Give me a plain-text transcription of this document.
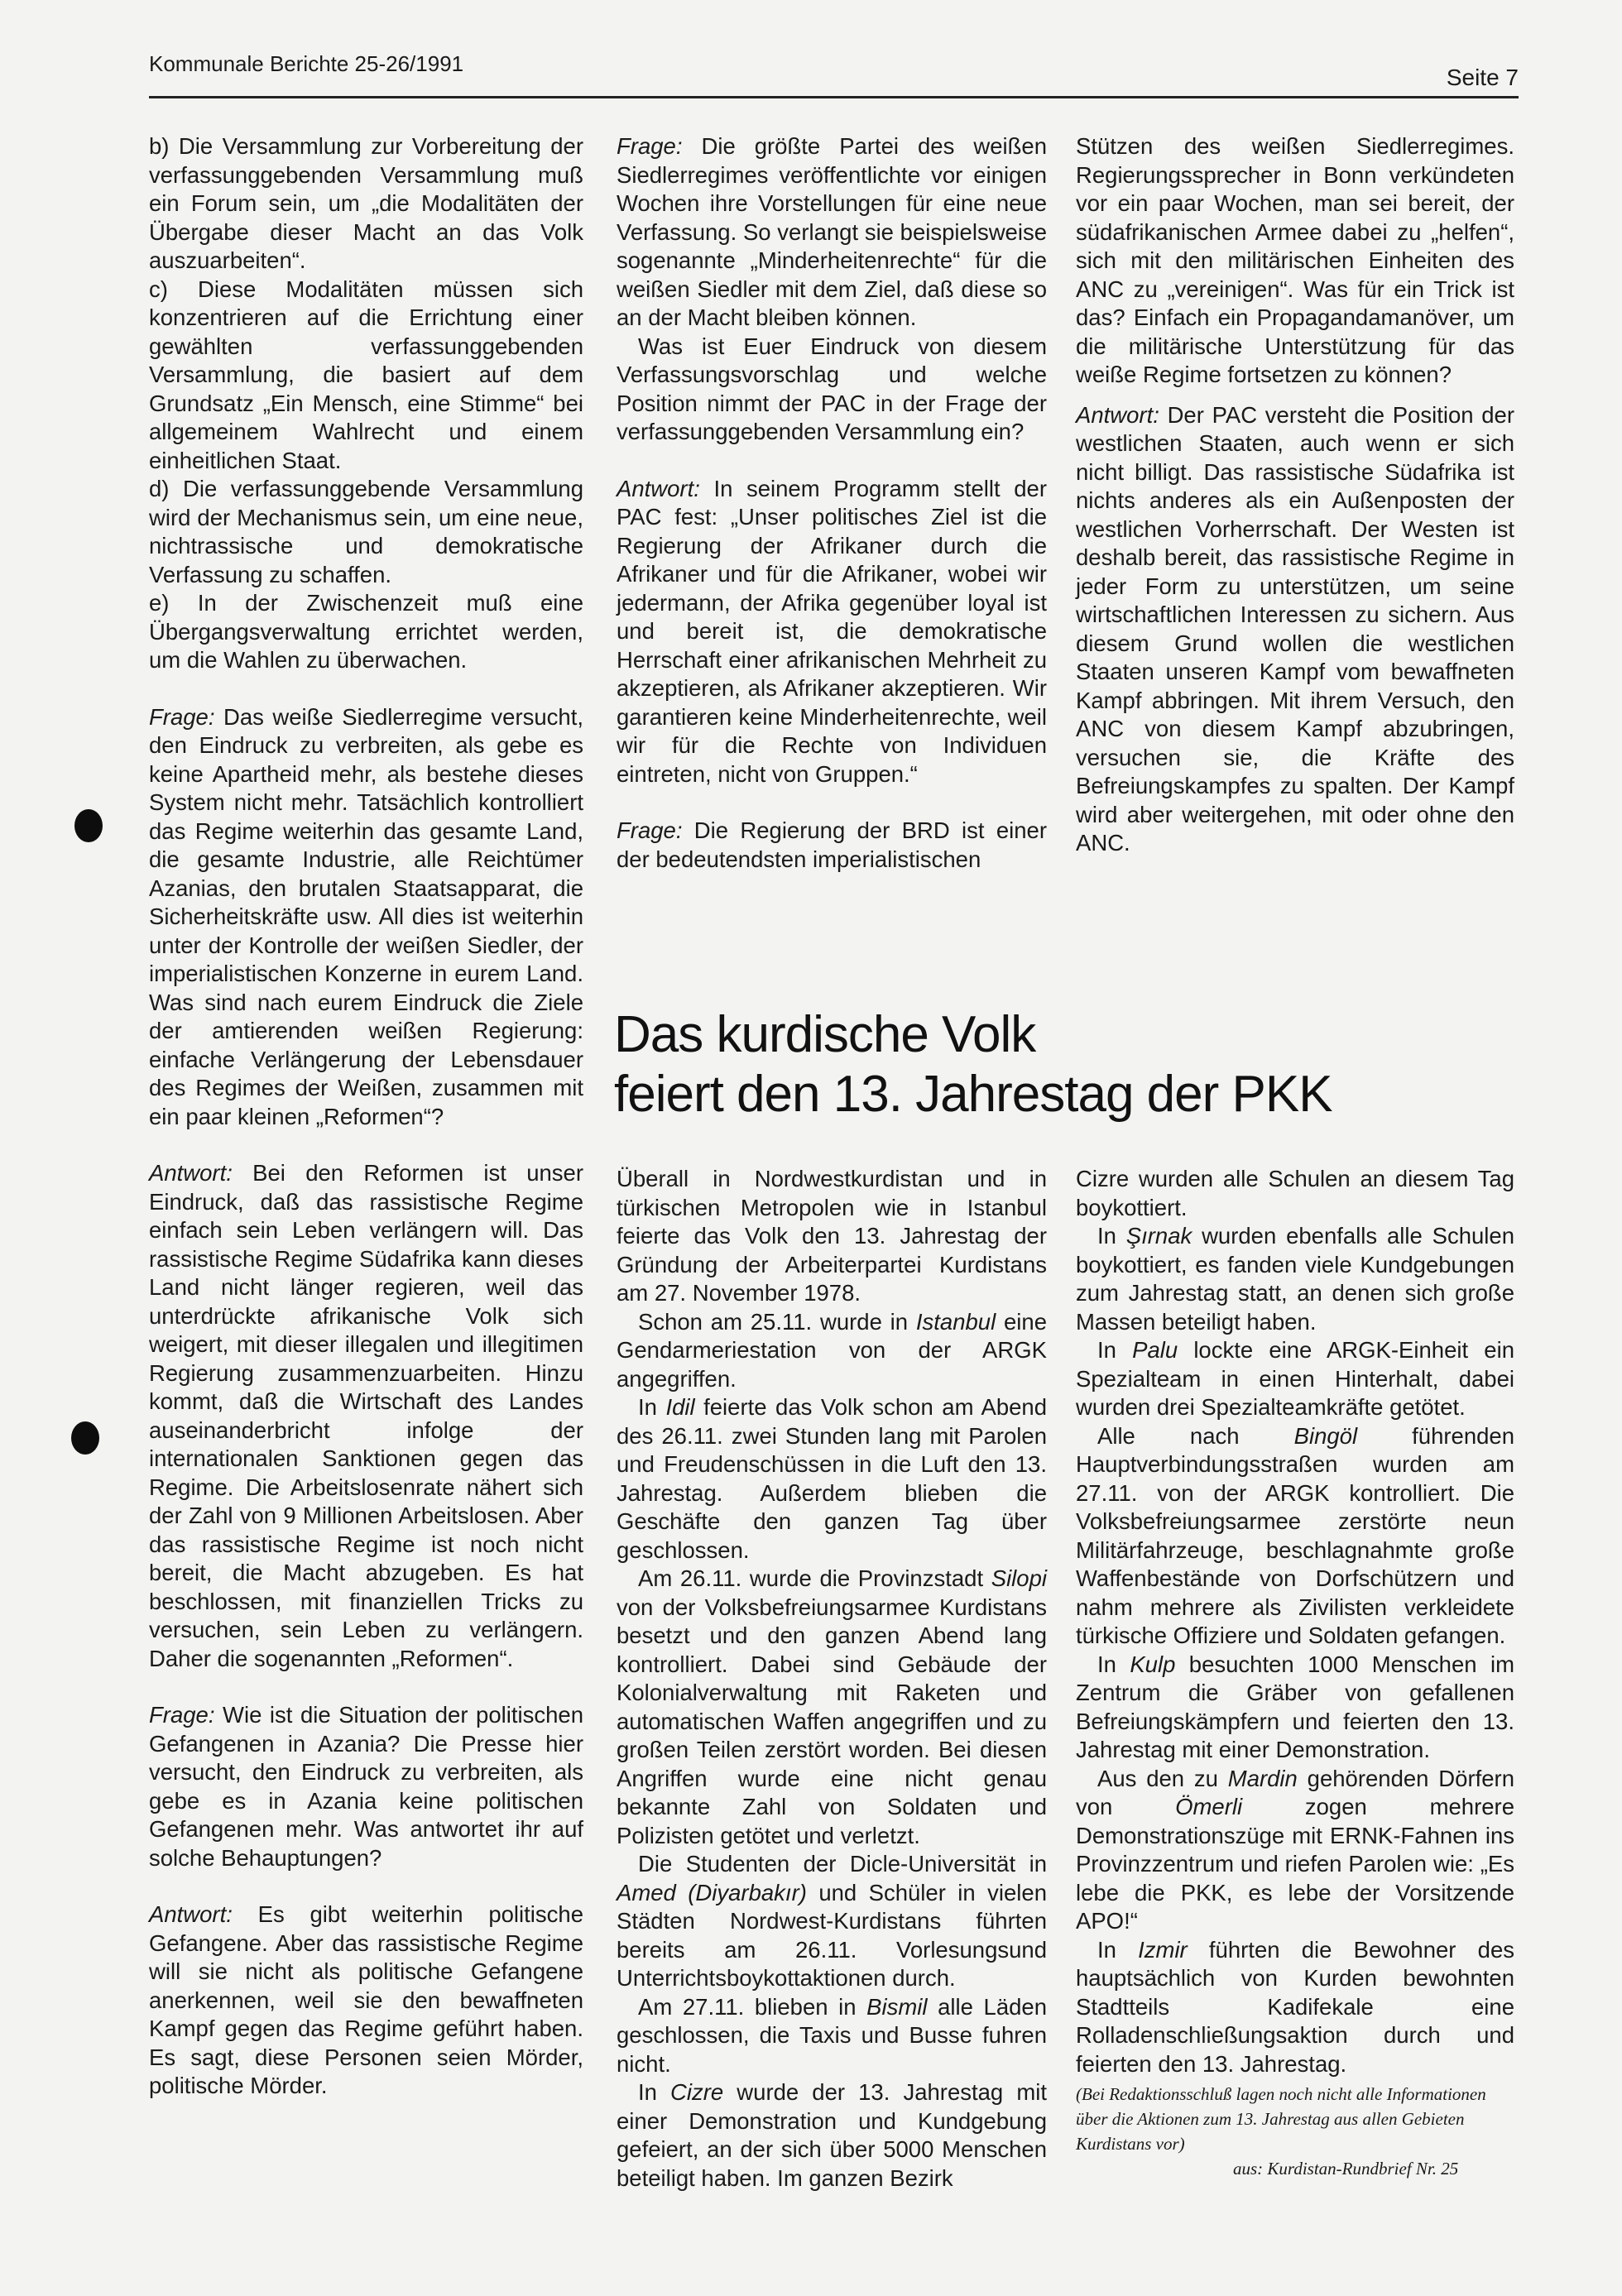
Kommunale Berichte 25-26/1991
Seite 7

b) Die Versammlung zur Vorbereitung der verfassunggebenden Versammlung muß ein Forum sein, um „die Modalitäten der Übergabe dieser Macht an das Volk auszuarbeiten“.

c) Diese Modalitäten müssen sich konzentrieren auf die Errichtung einer gewählten verfassunggebenden Versammlung, die basiert auf dem Grundsatz „Ein Mensch, eine Stimme“ bei allgemeinem Wahlrecht und einem einheitlichen Staat.

d) Die verfassunggebende Versammlung wird der Mechanismus sein, um eine neue, nichtrassische und demokratische Verfassung zu schaffen.

e) In der Zwischenzeit muß eine Übergangsverwaltung errichtet werden, um die Wahlen zu überwachen.

Frage: Das weiße Siedlerregime versucht, den Eindruck zu verbreiten, als gebe es keine Apartheid mehr, als bestehe dieses System nicht mehr. Tatsächlich kontrolliert das Regime weiterhin das gesamte Land, die gesamte Industrie, alle Reichtümer Azanias, den brutalen Staatsapparat, die Sicherheitskräfte usw. All dies ist weiterhin unter der Kontrolle der weißen Siedler, der imperialistischen Konzerne in eurem Land. Was sind nach eurem Eindruck die Ziele der amtierenden weißen Regierung: einfache Verlängerung der Lebensdauer des Regimes der Weißen, zusammen mit ein paar kleinen „Reformen“?

Antwort: Bei den Reformen ist unser Eindruck, daß das rassistische Regime einfach sein Leben verlängern will. Das rassistische Regime Südafrika kann dieses Land nicht länger regieren, weil das unterdrückte afrikanische Volk sich weigert, mit dieser illegalen und illegitimen Regierung zusammenzuarbeiten. Hinzu kommt, daß die Wirtschaft des Landes auseinanderbricht infolge der internationalen Sanktionen gegen das Regime. Die Arbeitslosenrate nähert sich der Zahl von 9 Millionen Arbeitslosen. Aber das rassistische Regime ist noch nicht bereit, die Macht abzugeben. Es hat beschlossen, mit finanziellen Tricks zu versuchen, sein Leben zu verlängern. Daher die sogenannten „Reformen“.

Frage: Wie ist die Situation der politischen Gefangenen in Azania? Die Presse hier versucht, den Eindruck zu verbreiten, als gebe es in Azania keine politischen Gefangenen mehr. Was antwortet ihr auf solche Behauptungen?

Antwort: Es gibt weiterhin politische Gefangene. Aber das rassistische Regime will sie nicht als politische Gefangene anerkennen, weil sie den bewaffneten Kampf gegen das Regime geführt haben. Es sagt, diese Personen seien Mörder, politische Mörder.

Frage: Die größte Partei des weißen Siedlerregimes veröffentlichte vor einigen Wochen ihre Vorstellungen für eine neue Verfassung. So verlangt sie beispielsweise sogenannte „Minderheitenrechte“ für die weißen Siedler mit dem Ziel, daß diese so an der Macht bleiben können.

Was ist Euer Eindruck von diesem Verfassungsvorschlag und welche Position nimmt der PAC in der Frage der verfassunggebenden Versammlung ein?

Antwort: In seinem Programm stellt der PAC fest: „Unser politisches Ziel ist die Regierung der Afrikaner durch die Afrikaner und für die Afrikaner, wobei wir jedermann, der Afrika gegenüber loyal ist und bereit ist, die demokratische Herrschaft einer afrikanischen Mehrheit zu akzeptieren, als Afrikaner akzeptieren. Wir garantieren keine Minderheitenrechte, weil wir für die Rechte von Individuen eintreten, nicht von Gruppen.“

Frage: Die Regierung der BRD ist einer der bedeutendsten imperialistischen

Stützen des weißen Siedlerregimes. Regierungssprecher in Bonn verkündeten vor ein paar Wochen, man sei bereit, der südafrikanischen Armee dabei zu „helfen“, sich mit den militärischen Einheiten des ANC zu „vereinigen“. Was für ein Trick ist das? Einfach ein Propagandamanöver, um die militärische Unterstützung für das weiße Regime fortsetzen zu können?

Antwort: Der PAC versteht die Position der westlichen Staaten, auch wenn er sich nicht billigt. Das rassistische Südafrika ist nichts anderes als ein Außenposten der westlichen Vorherrschaft. Der Westen ist deshalb bereit, das rassistische Regime in jeder Form zu unterstützen, um seine wirtschaftlichen Interessen zu sichern. Aus diesem Grund wollen die westlichen Staaten unseren Kampf vom bewaffneten Kampf abbringen. Mit ihrem Versuch, den ANC von diesem Kampf abzubringen, versuchen sie, die Kräfte des Befreiungskampfes zu spalten. Der Kampf wird aber weitergehen, mit oder ohne den ANC.

Das kurdische Volk
feiert den 13. Jahrestag der PKK

Überall in Nordwestkurdistan und in türkischen Metropolen wie in Istanbul feierte das Volk den 13. Jahrestag der Gründung der Arbeiterpartei Kurdistans am 27. November 1978.

Schon am 25.11. wurde in Istanbul eine Gendarmeriestation von der ARGK angegriffen.

In Idil feierte das Volk schon am Abend des 26.11. zwei Stunden lang mit Parolen und Freudenschüssen in die Luft den 13. Jahrestag. Außerdem blieben die Geschäfte den ganzen Tag über geschlossen.

Am 26.11. wurde die Provinzstadt Silopi von der Volksbefreiungsarmee Kurdistans besetzt und den ganzen Abend lang kontrolliert. Dabei sind Gebäude der Kolonialverwaltung mit Raketen und automatischen Waffen angegriffen und zu großen Teilen zerstört worden. Bei diesen Angriffen wurde eine nicht genau bekannte Zahl von Soldaten und Polizisten getötet und verletzt.

Die Studenten der Dicle-Universität in Amed (Diyarbakır) und Schüler in vielen Städten Nordwest-Kurdistans führten bereits am 26.11. Vorlesungsund Unterrichtsboykottaktionen durch.

Am 27.11. blieben in Bismil alle Läden geschlossen, die Taxis und Busse fuhren nicht.

In Cizre wurde der 13. Jahrestag mit einer Demonstration und Kundgebung gefeiert, an der sich über 5000 Menschen beteiligt haben. Im ganzen Bezirk

Cizre wurden alle Schulen an diesem Tag boykottiert.

In Şırnak wurden ebenfalls alle Schulen boykottiert, es fanden viele Kundgebungen zum Jahrestag statt, an denen sich große Massen beteiligt haben.

In Palu lockte eine ARGK-Einheit ein Spezialteam in einen Hinterhalt, dabei wurden drei Spezialteamkräfte getötet.

Alle nach Bingöl führenden Hauptverbindungsstraßen wurden am 27.11. von der ARGK kontrolliert. Die Volksbefreiungsarmee zerstörte neun Militärfahrzeuge, beschlagnahmte große Waffenbestände von Dorfschützern und nahm mehrere als Zivilisten verkleidete türkische Offiziere und Soldaten gefangen.

In Kulp besuchten 1000 Menschen im Zentrum die Gräber von gefallenen Befreiungskämpfern und feierten den 13. Jahrestag mit einer Demonstration.

Aus den zu Mardin gehörenden Dörfern von Ömerli zogen mehrere Demonstrationszüge mit ERNK-Fahnen ins Provinzzentrum und riefen Parolen wie: „Es lebe die PKK, es lebe der Vorsitzende APO!“

In Izmir führten die Bewohner des hauptsächlich von Kurden bewohnten Stadtteils Kadifekale eine Rolladenschließungsaktion durch und feierten den 13. Jahrestag.

(Bei Redaktionsschluß lagen noch nicht alle Informationen über die Aktionen zum 13. Jahrestag aus allen Gebieten Kurdistans vor)
aus: Kurdistan-Rundbrief Nr. 25
